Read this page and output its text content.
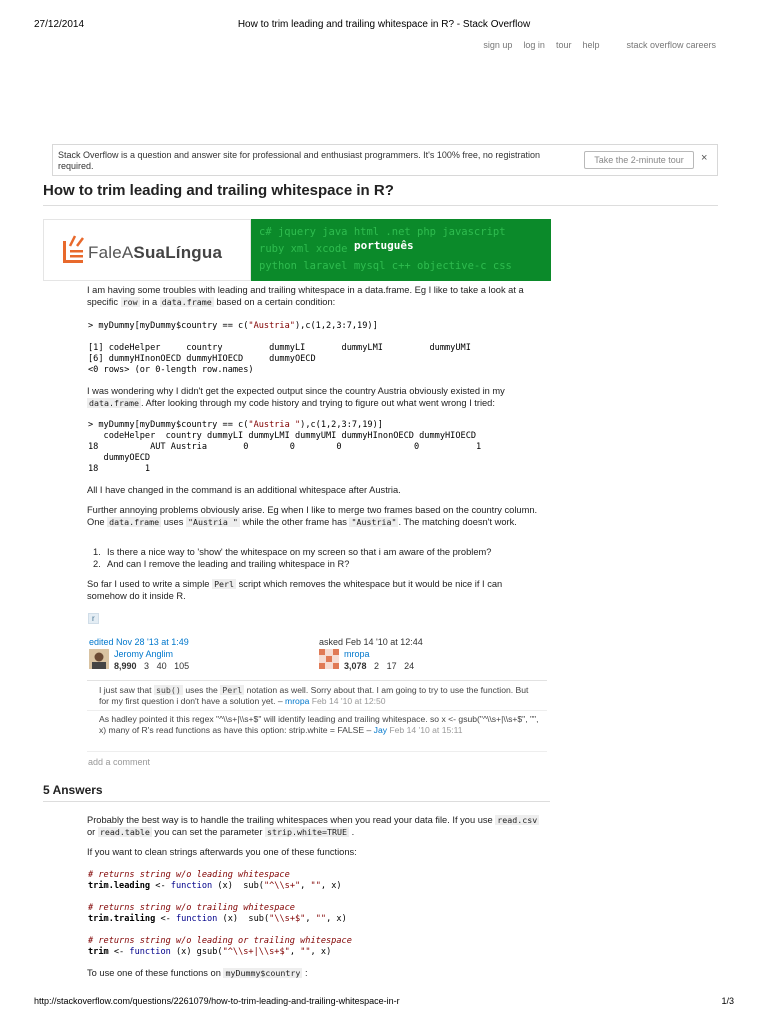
27/12/2014	How to trim leading and trailing whitespace in R? - Stack Overflow
sign up log in tour help	stack overflow careers
Stack Overflow is a question and answer site for professional and enthusiast programmers. It's 100% free, no registration required.
Take the 2-minute tour	×
How to trim leading and trailing whitespace in R?
FaleASuaLíngua
c# jquery java html .net php javascript
ruby xml xcode
python laravel mysql c++ objective-c css
português
I am having some troubles with leading and trailing whitespace in a data.frame. Eg I like to take a look at a specific row in a data.frame based on a certain condition:
> myDummy[myDummy$country == c("Austria"),c(1,2,3:7,19)]

[1] codeHelper     country         dummyLI       dummyLMI         dummyUMI
[6] dummyHInonOECD dummyHIOECD     dummyOECD
<0 rows> (or 0-length row.names)
I was wondering why I didn't get the expected output since the country Austria obviously existed in my data.frame . After looking through my code history and trying to figure out what went wrong I tried:
> myDummy[myDummy$country == c("Austria "),c(1,2,3:7,19)]
codeHelper  country dummyLI dummyLMI dummyUMI dummyHInonOECD dummyHIOECD
18          AUT Austria       0        0        0              0           1
dummyOECD
18         1
All I have changed in the command is an additional whitespace after Austria.
Further annoying problems obviously arise. Eg when I like to merge two frames based on the country column. One data.frame uses "Austria " while the other frame has "Austria" . The matching doesn't work.
1. Is there a nice way to 'show' the whitespace on my screen so that i am aware of the problem?
2. And can I remove the leading and trailing whitespace in R?
So far I used to write a simple Perl script which removes the whitespace but it would be nice if I can somehow do it inside R.
r
edited Nov 28 '13 at 1:49
Jeromy Anglim
8,990 3 40 105
asked Feb 14 '10 at 12:44
mropa
3,078 2 17 24
I just saw that sub() uses the Perl notation as well. Sorry about that. I am going to try to use the function. But for my first question i don't have a solution yet. – mropa Feb 14 '10 at 12:50
As hadley pointed it this regex "^\\s+|\\s+$" will identify leading and trailing whitespace. so x <- gsub("^\\s+|\\s+$", "", x) many of R's read functions as have this option: strip.white = FALSE – Jay Feb 14 '10 at 15:11
add a comment
5 Answers
Probably the best way is to handle the trailing whitespaces when you read your data file. If you use read.csv or read.table you can set the parameter strip.white=TRUE .
If you want to clean strings afterwards you one of these functions:
# returns string w/o leading whitespace
trim.leading <- function (x)  sub("^\\s+", "", x)

# returns string w/o trailing whitespace
trim.trailing <- function (x)  sub("\\s+$", "", x)

# returns string w/o leading or trailing whitespace
trim <- function (x) gsub("^\\s+|\\s+$", "", x)
To use one of these functions on myDummy$country :
http://stackoverflow.com/questions/2261079/how-to-trim-leading-and-trailing-whitespace-in-r	1/3
